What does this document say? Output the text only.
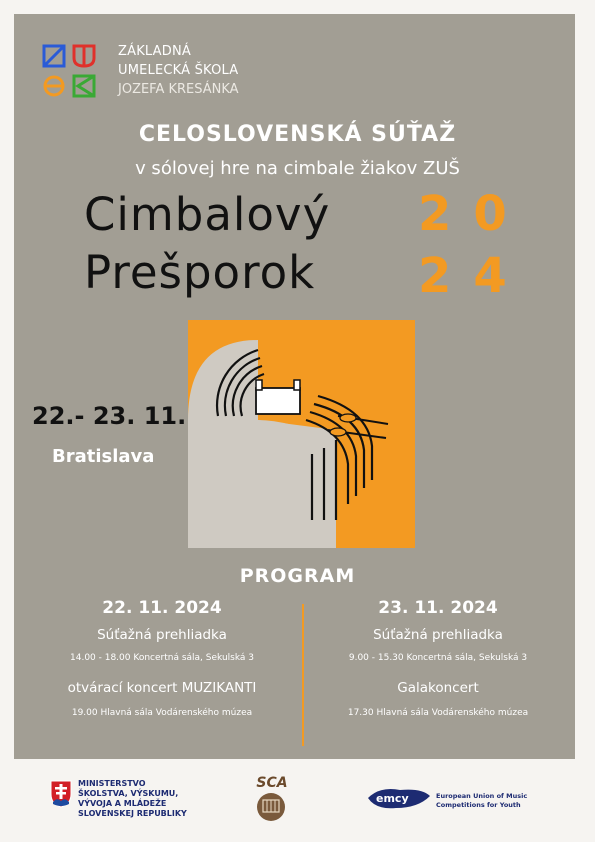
ZÁKLADNÁ
UMELECKÁ ŠKOLA
JOZEFA KRESÁNKA
CELOSLOVENSKÁ SÚŤAŽ
v sólovej hre na cimbale žiakov ZUŠ
Cimbalový
Prešporok
20
24
22.- 23. 11.
Bratislava
PROGRAM
22. 11. 2024
Súťažná prehliadka
14.00 - 18.00 Koncertná sála, Sekulská 3
otvárací koncert MUZIKANTI
19.00 Hlavná sála Vodárenského múzea
23. 11. 2024
Súťažná prehliadka
9.00 - 15.30 Koncertná sála, Sekulská 3
Galakoncert
17.30 Hlavná sála Vodárenského múzea
MINISTERSTVO
ŠKOLSTVA, VÝSKUMU,
VÝVOJA A MLÁDEŽE
SLOVENSKEJ REPUBLIKY
SCA
emcy	European Union of Music
Competitions for Youth
